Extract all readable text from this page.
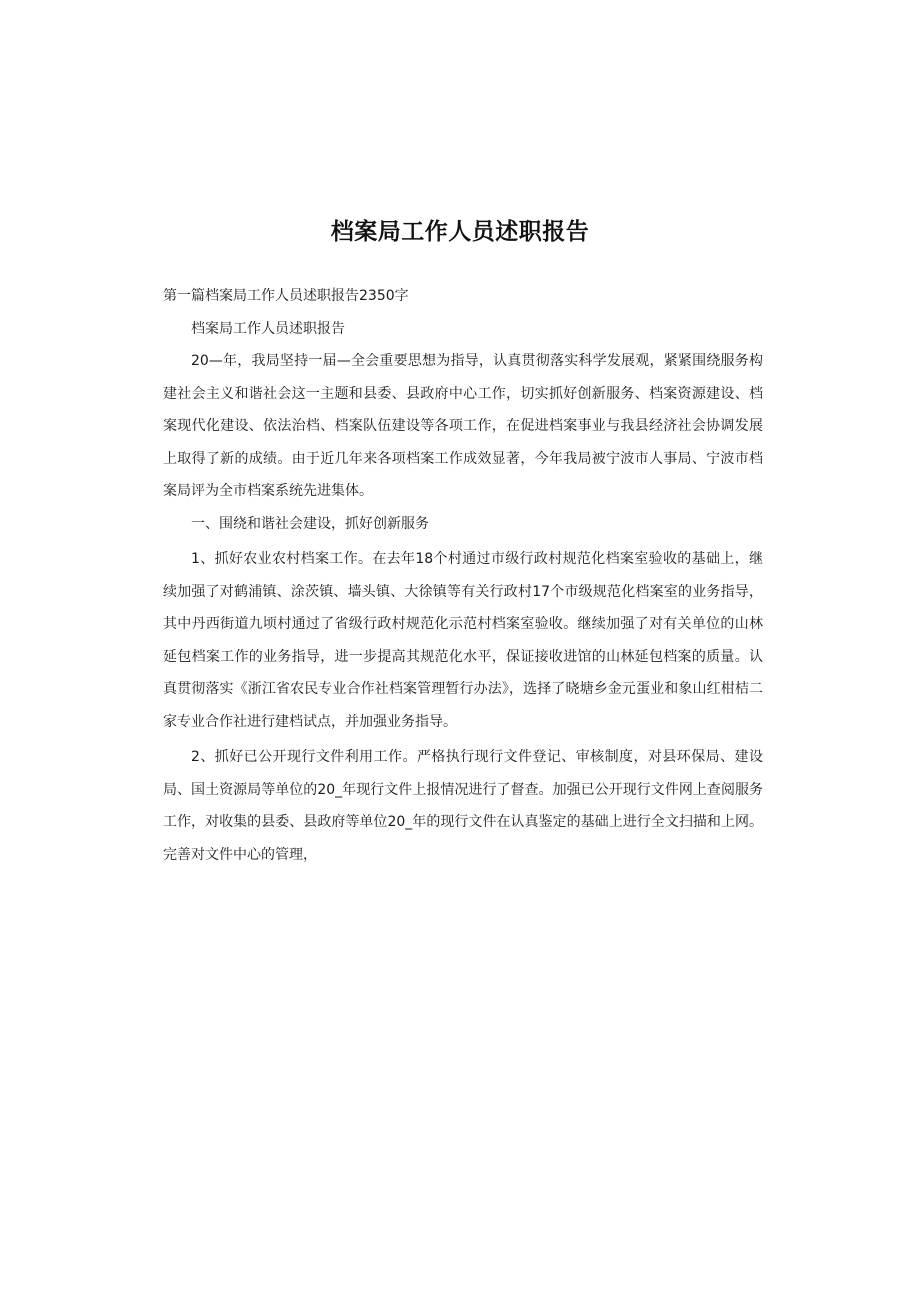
档案局工作人员述职报告

第一篇档案局工作人员述职报告2350字

档案局工作人员述职报告

20—年，我局坚持一届—全会重要思想为指导，认真贯彻落实科学发展观，紧紧围绕服务构建社会主义和谐社会这一主题和县委、县政府中心工作，切实抓好创新服务、档案资源建设、档案现代化建设、依法治档、档案队伍建设等各项工作，在促进档案事业与我县经济社会协调发展上取得了新的成绩。由于近几年来各项档案工作成效显著，今年我局被宁波市人事局、宁波市档案局评为全市档案系统先进集体。

一、围绕和谐社会建设，抓好创新服务

1、抓好农业农村档案工作。在去年18个村通过市级行政村规范化档案室验收的基础上，继续加强了对鹤浦镇、涂茨镇、墙头镇、大徐镇等有关行政村17个市级规范化档案室的业务指导，其中丹西街道九顷村通过了省级行政村规范化示范村档案室验收。继续加强了对有关单位的山林延包档案工作的业务指导，进一步提高其规范化水平，保证接收进馆的山林延包档案的质量。认真贯彻落实《浙江省农民专业合作社档案管理暂行办法》，选择了晓塘乡金元蛋业和象山红柑桔二家专业合作社进行建档试点，并加强业务指导。

2、抓好已公开现行文件利用工作。严格执行现行文件登记、审核制度，对县环保局、建设局、国土资源局等单位的20_年现行文件上报情况进行了督查。加强已公开现行文件网上查阅服务工作，对收集的县委、县政府等单位20_年的现行文件在认真鉴定的基础上进行全文扫描和上网。完善对文件中心的管理，
